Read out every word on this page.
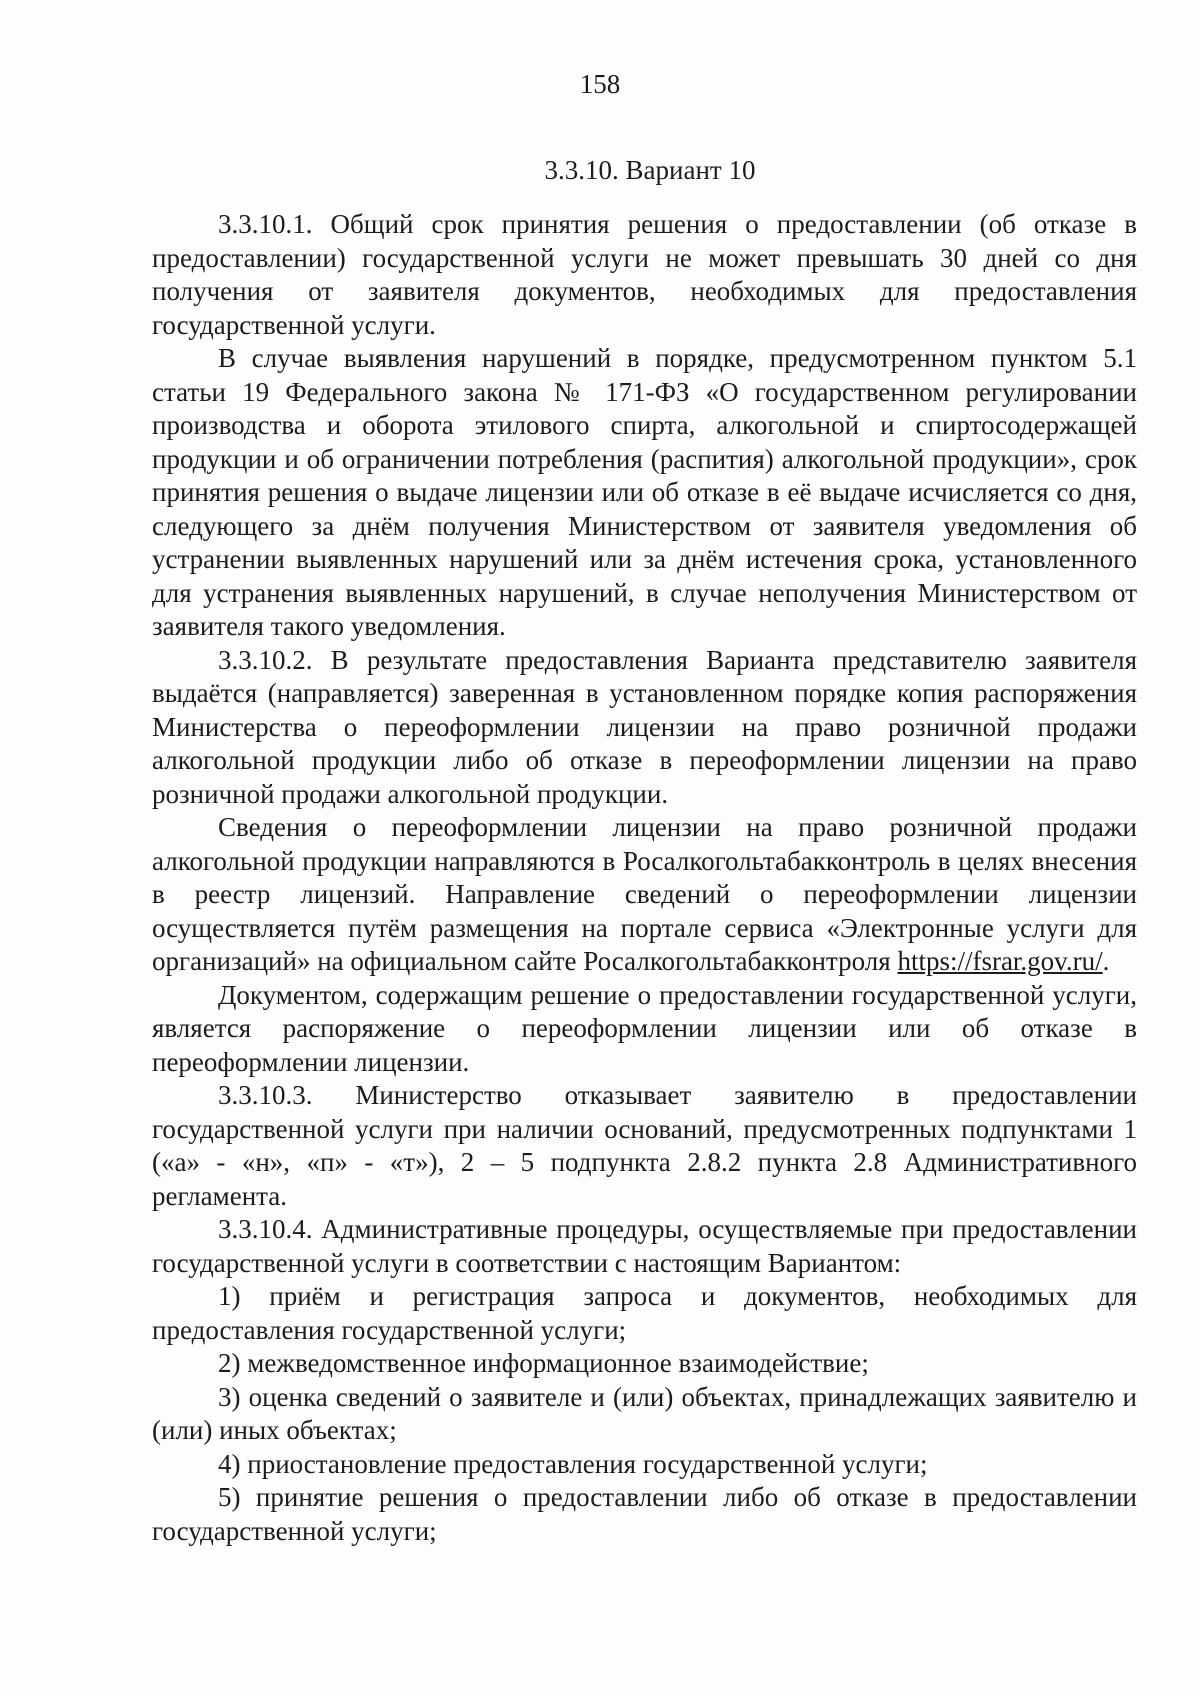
158
3.3.10. Вариант 10

3.3.10.1. Общий срок принятия решения о предоставлении (об отказе в предоставлении) государственной услуги не может превышать 30 дней со дня получения от заявителя документов, необходимых для предоставления государственной услуги.

В случае выявления нарушений в порядке, предусмотренном пунктом 5.1 статьи 19 Федерального закона № 171-ФЗ «О государственном регулировании производства и оборота этилового спирта, алкогольной и спиртосодержащей продукции и об ограничении потребления (распития) алкогольной продукции», срок принятия решения о выдаче лицензии или об отказе в её выдаче исчисляется со дня, следующего за днём получения Министерством от заявителя уведомления об устранении выявленных нарушений или за днём истечения срока, установленного для устранения выявленных нарушений, в случае неполучения Министерством от заявителя такого уведомления.

3.3.10.2. В результате предоставления Варианта представителю заявителя выдаётся (направляется) заверенная в установленном порядке копия распоряжения Министерства о переоформлении лицензии на право розничной продажи алкогольной продукции либо об отказе в переоформлении лицензии на право розничной продажи алкогольной продукции.

Сведения о переоформлении лицензии на право розничной продажи алкогольной продукции направляются в Росалкогольтабакконтроль в целях внесения в реестр лицензий. Направление сведений о переоформлении лицензии осуществляется путём размещения на портале сервиса «Электронные услуги для организаций» на официальном сайте Росалкогольтабакконтроля https://fsrar.gov.ru/.

Документом, содержащим решение о предоставлении государственной услуги, является распоряжение о переоформлении лицензии или об отказе в переоформлении лицензии.

3.3.10.3. Министерство отказывает заявителю в предоставлении государственной услуги при наличии оснований, предусмотренных подпунктами 1 («а» - «н», «п» - «т»), 2 – 5 подпункта 2.8.2 пункта 2.8 Административного регламента.

3.3.10.4. Административные процедуры, осуществляемые при предоставлении государственной услуги в соответствии с настоящим Вариантом:

1) приём и регистрация запроса и документов, необходимых для предоставления государственной услуги;

2) межведомственное информационное взаимодействие;

3) оценка сведений о заявителе и (или) объектах, принадлежащих заявителю и (или) иных объектах;

4) приостановление предоставления государственной услуги;

5) принятие решения о предоставлении либо об отказе в предоставлении государственной услуги;
